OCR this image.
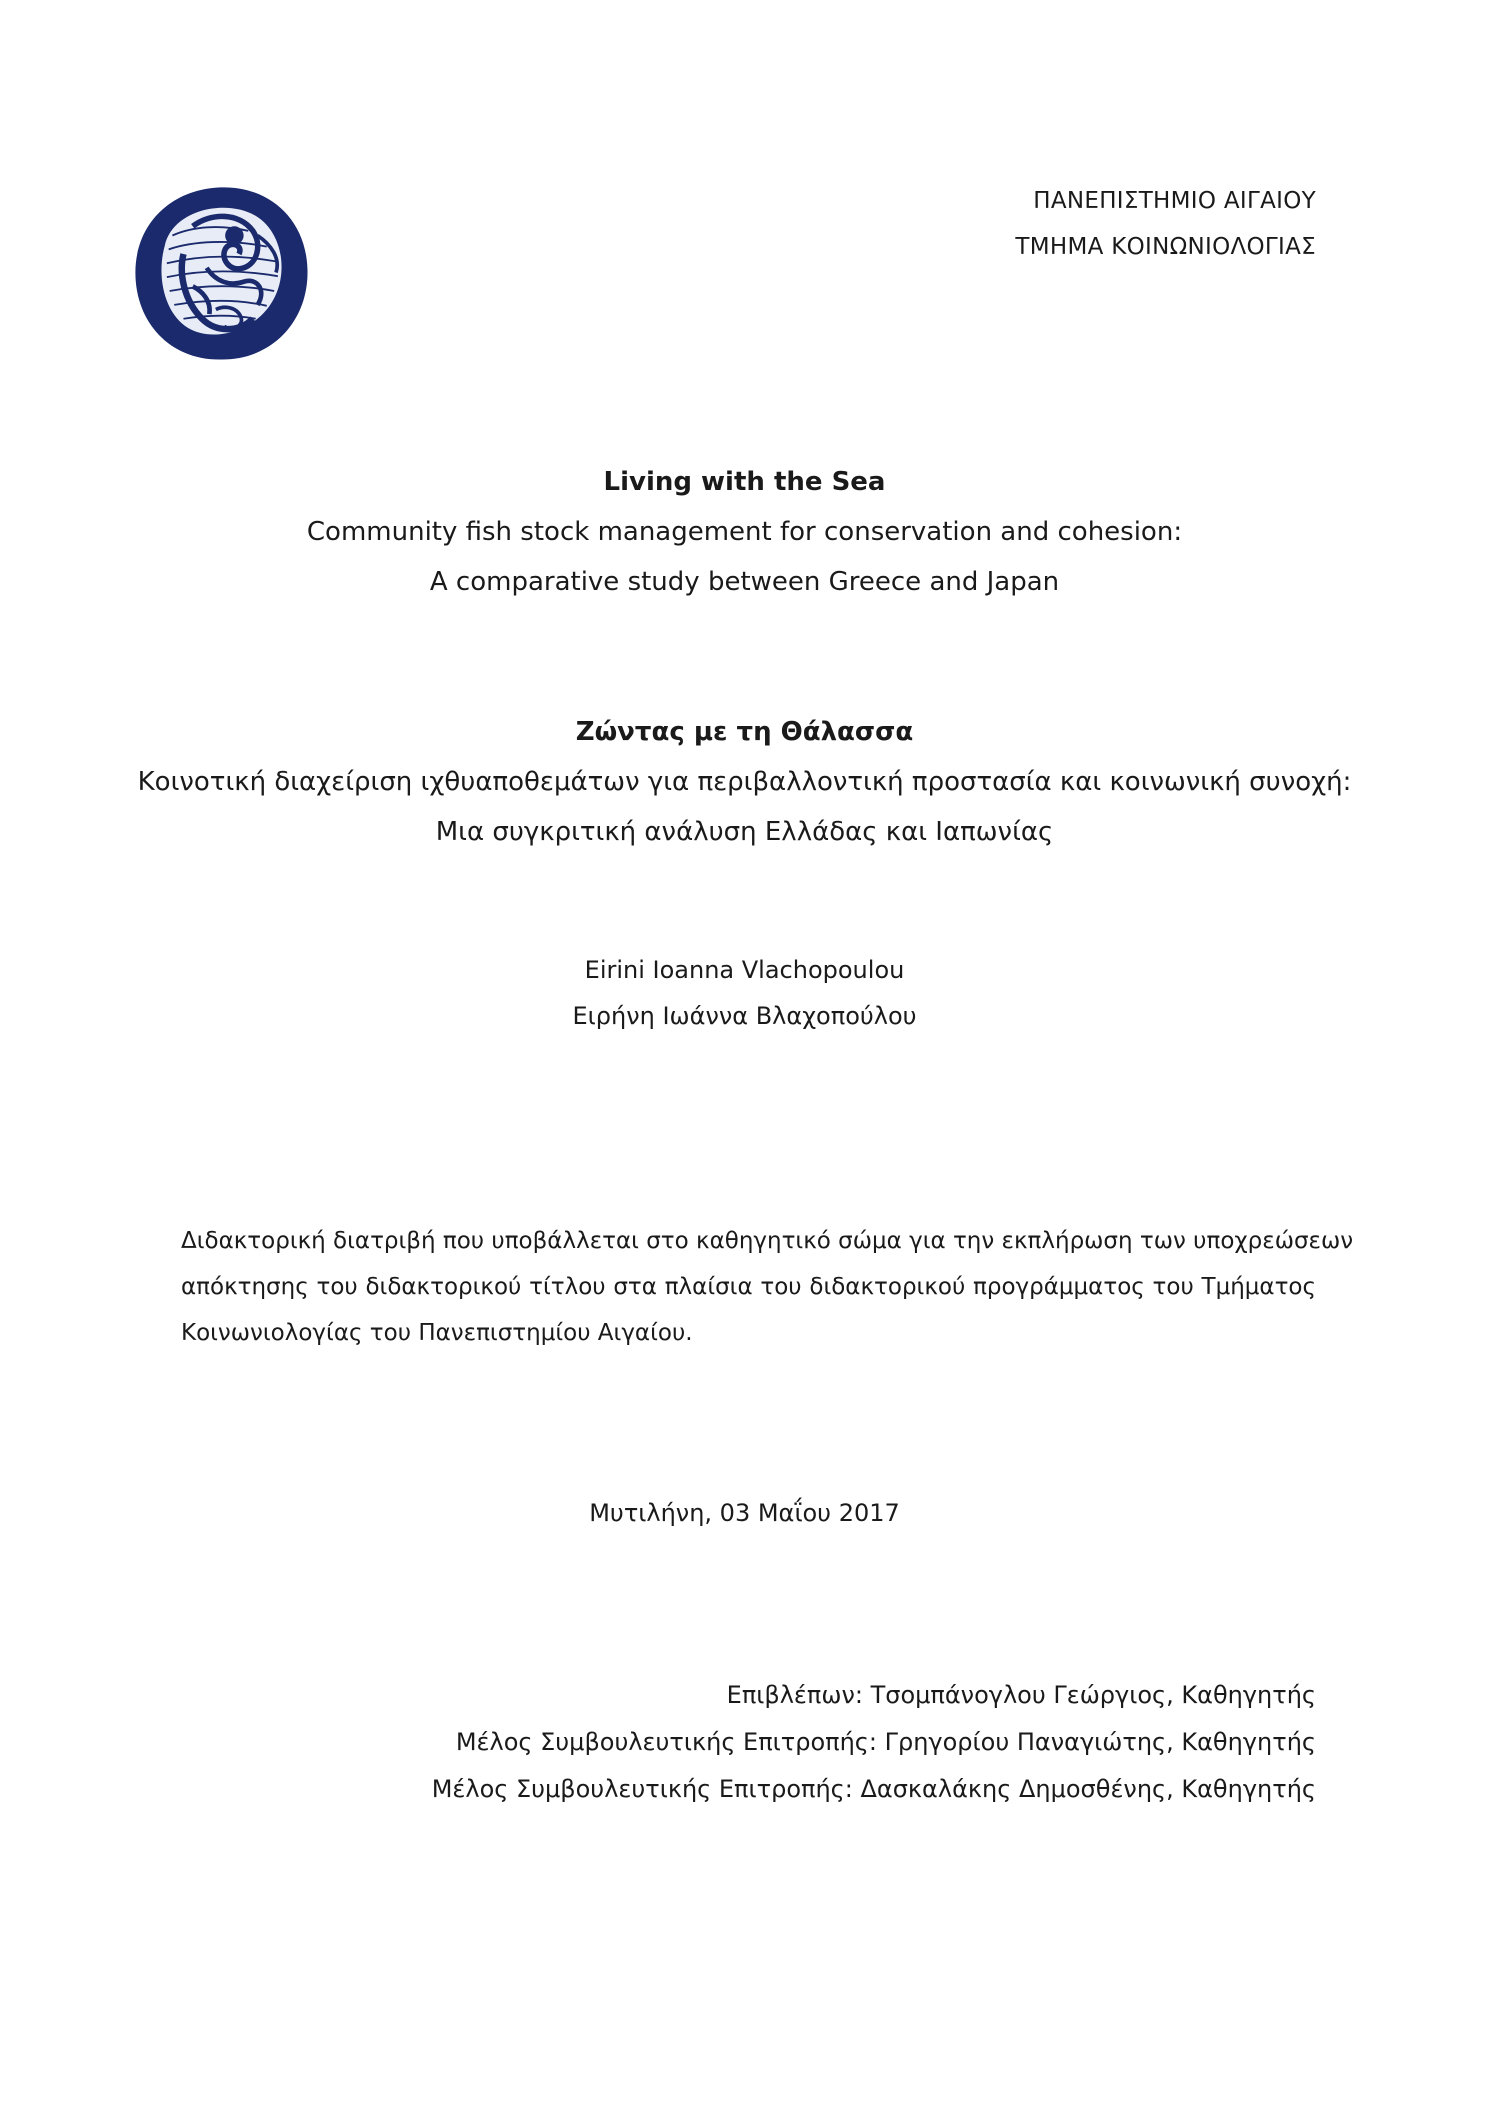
ΠΑΝΕΠΙΣΤΗΜΙΟ ΑΙΓΑΙΟΥ
ΤΜΗΜΑ ΚΟΙΝΩΝΙΟΛΟΓΙΑΣ
Living with the Sea
Community fish stock management for conservation and cohesion:
A comparative study between Greece and Japan
Ζώντας με τη Θάλασσα
Κοινοτική διαχείριση ιχθυαποθεμάτων για περιβαλλοντική προστασία και κοινωνική συνοχή:
Μια συγκριτική ανάλυση Ελλάδας και Ιαπωνίας
Eirini Ioanna Vlachopoulou
Ειρήνη Ιωάννα Βλαχοπούλου
Διδακτορική διατριβή που υποβάλλεται στο καθηγητικό σώμα για την εκπλήρωση των υποχρεώσεων
απόκτησης του διδακτορικού τίτλου στα πλαίσια του διδακτορικού προγράμματος του Τμήματος
Κοινωνιολογίας του Πανεπιστημίου Αιγαίου.
Μυτιλήνη, 03 Μαΐου 2017
Επιβλέπων: Τσομπάνογλου Γεώργιος, Καθηγητής
Μέλος Συμβουλευτικής Επιτροπής: Γρηγορίου Παναγιώτης, Καθηγητής
Μέλος Συμβουλευτικής Επιτροπής: Δασκαλάκης Δημοσθένης, Καθηγητής
